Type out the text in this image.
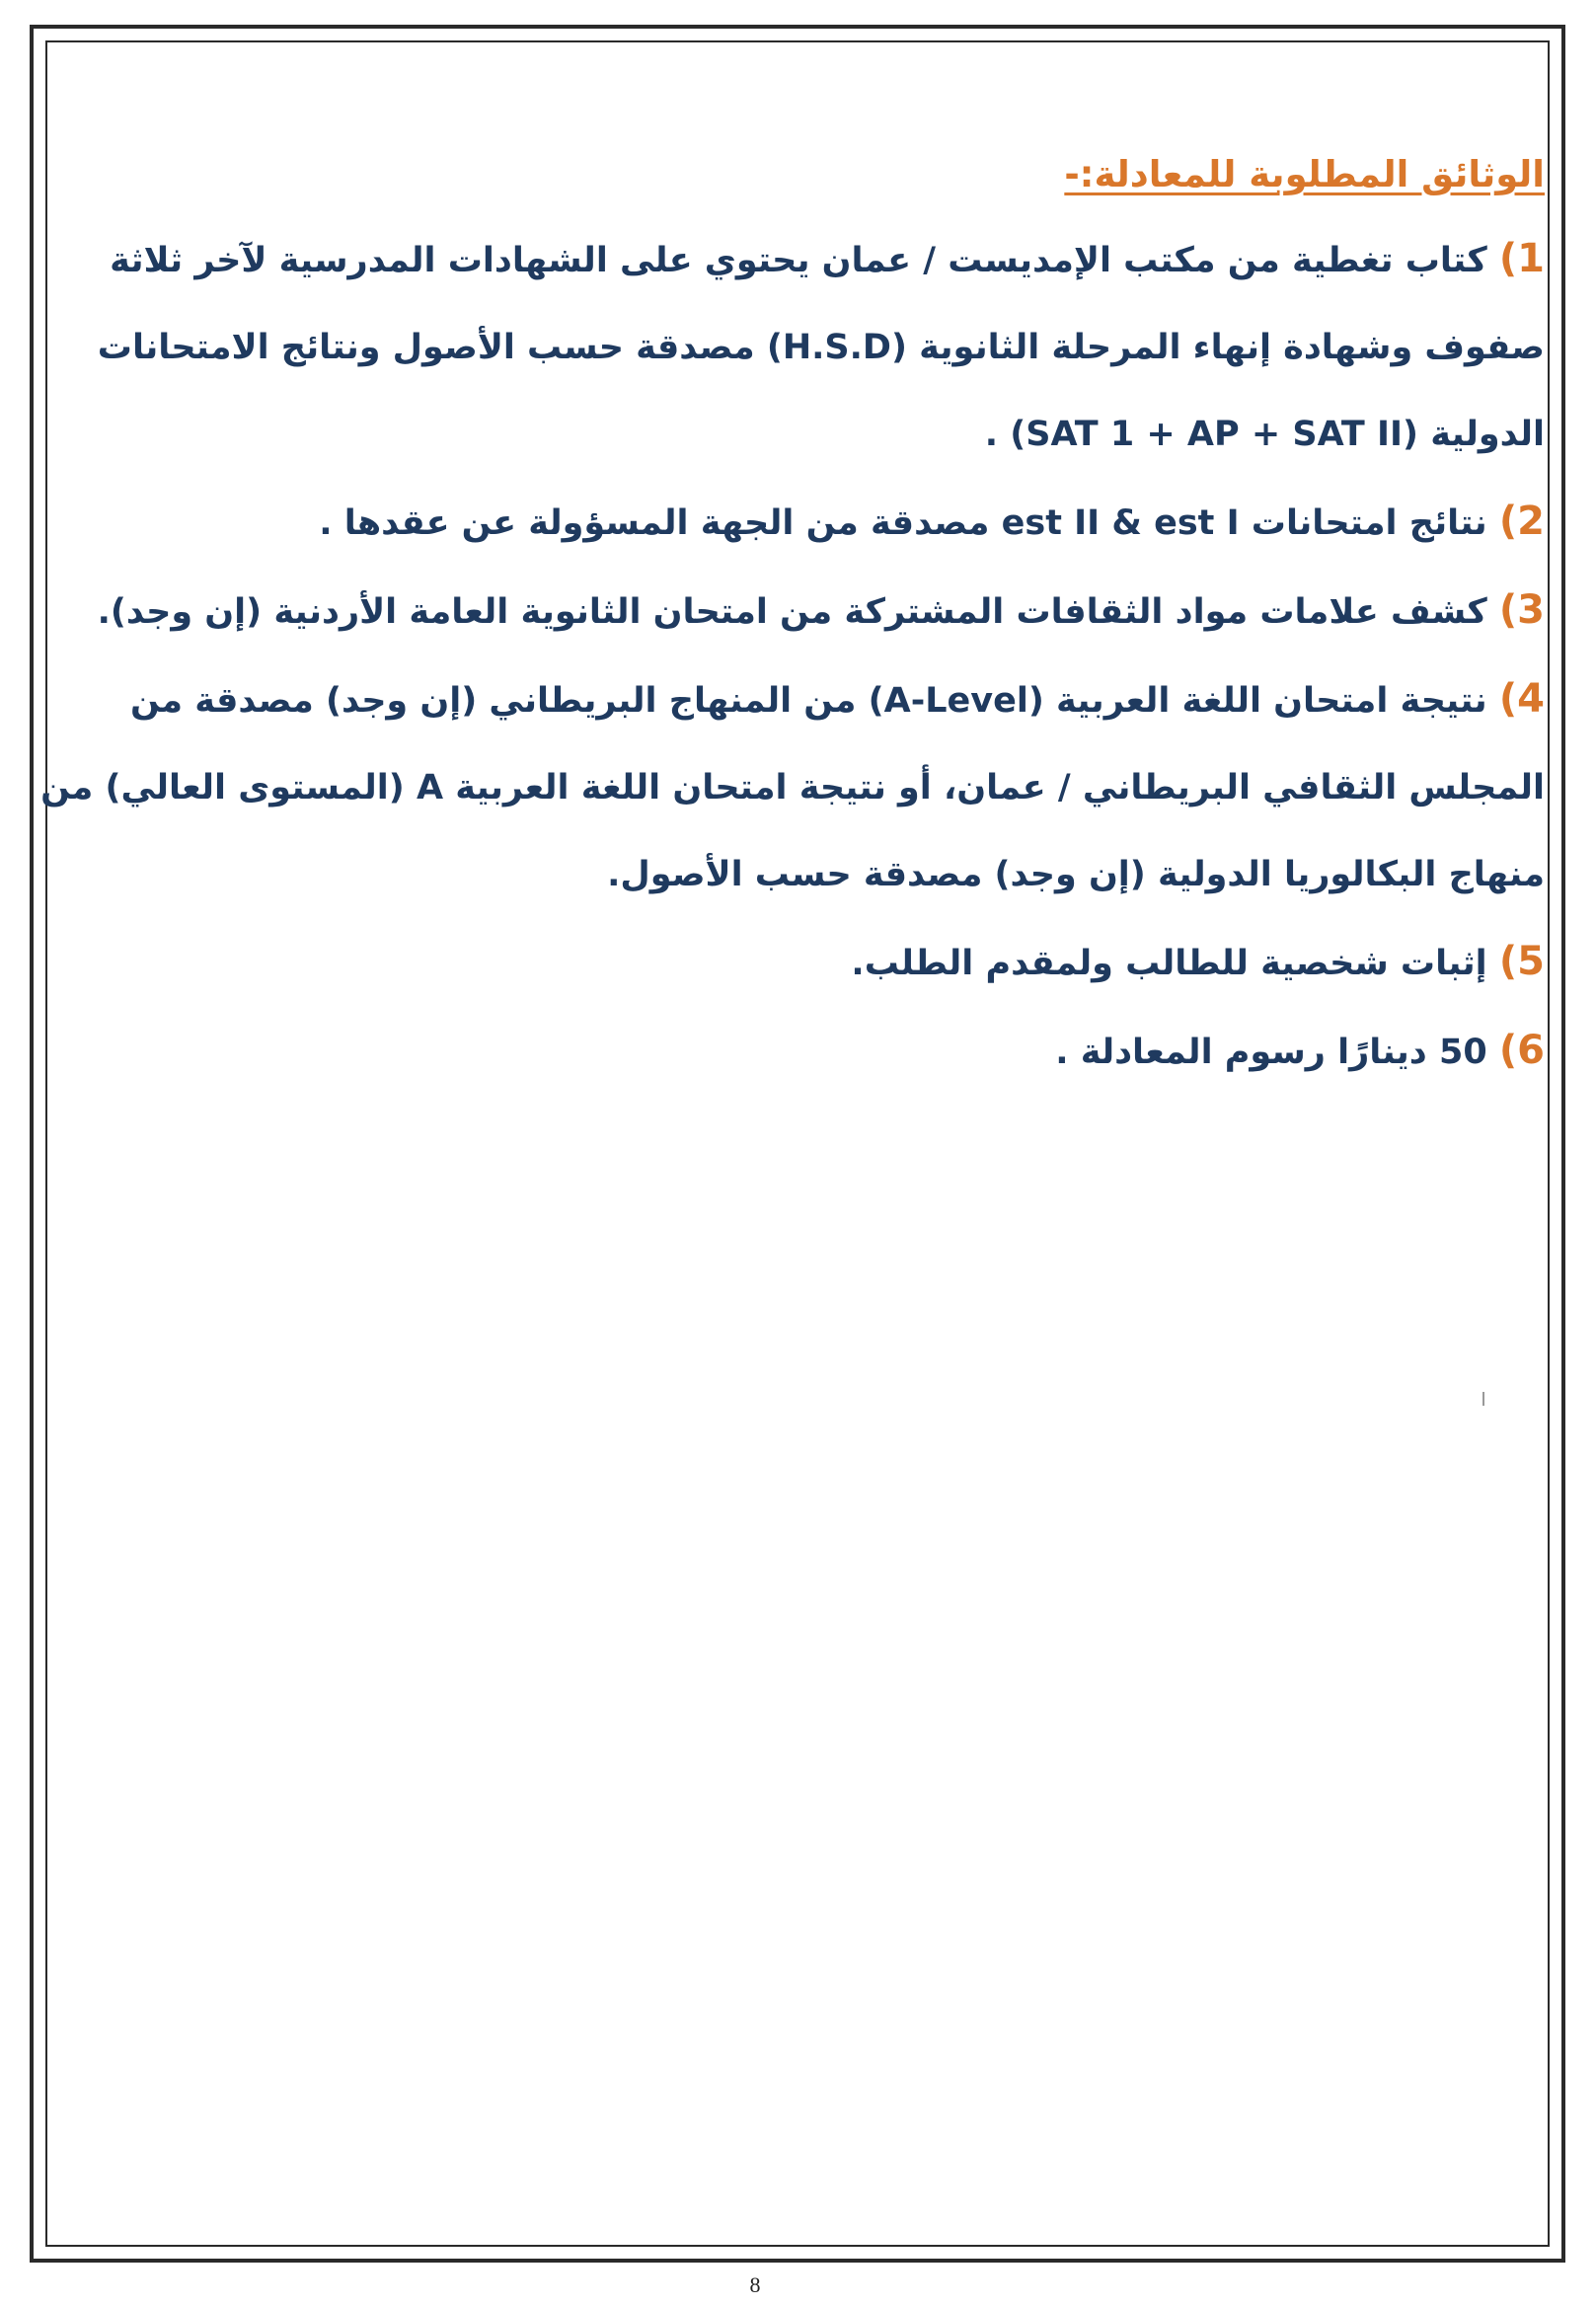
الوثائق المطلوبة للمعادلة:-
1) كتاب تغطية من مكتب الإمديست / عمان يحتوي على الشهادات المدرسية لآخر ثلاثة صفوف وشهادة إنهاء المرحلة الثانوية (H.S.D) مصدقة حسب الأصول ونتائج الامتحانات الدولية (SAT 1 + AP + SAT II) .
2) نتائج امتحانات est II & est I مصدقة من الجهة المسؤولة عن عقدها .
3) كشف علامات مواد الثقافات المشتركة من امتحان الثانوية العامة الأردنية (إن وجد).
4) نتيجة امتحان اللغة العربية (A-Level) من المنهاج البريطاني (إن وجد) مصدقة من المجلس الثقافي البريطاني / عمان، أو نتيجة امتحان اللغة العربية A (المستوى العالي) من منهاج البكالوريا الدولية (إن وجد) مصدقة حسب الأصول.
5) إثبات شخصية للطالب ولمقدم الطلب.
6) 50 دينارًا رسوم المعادلة .
8
